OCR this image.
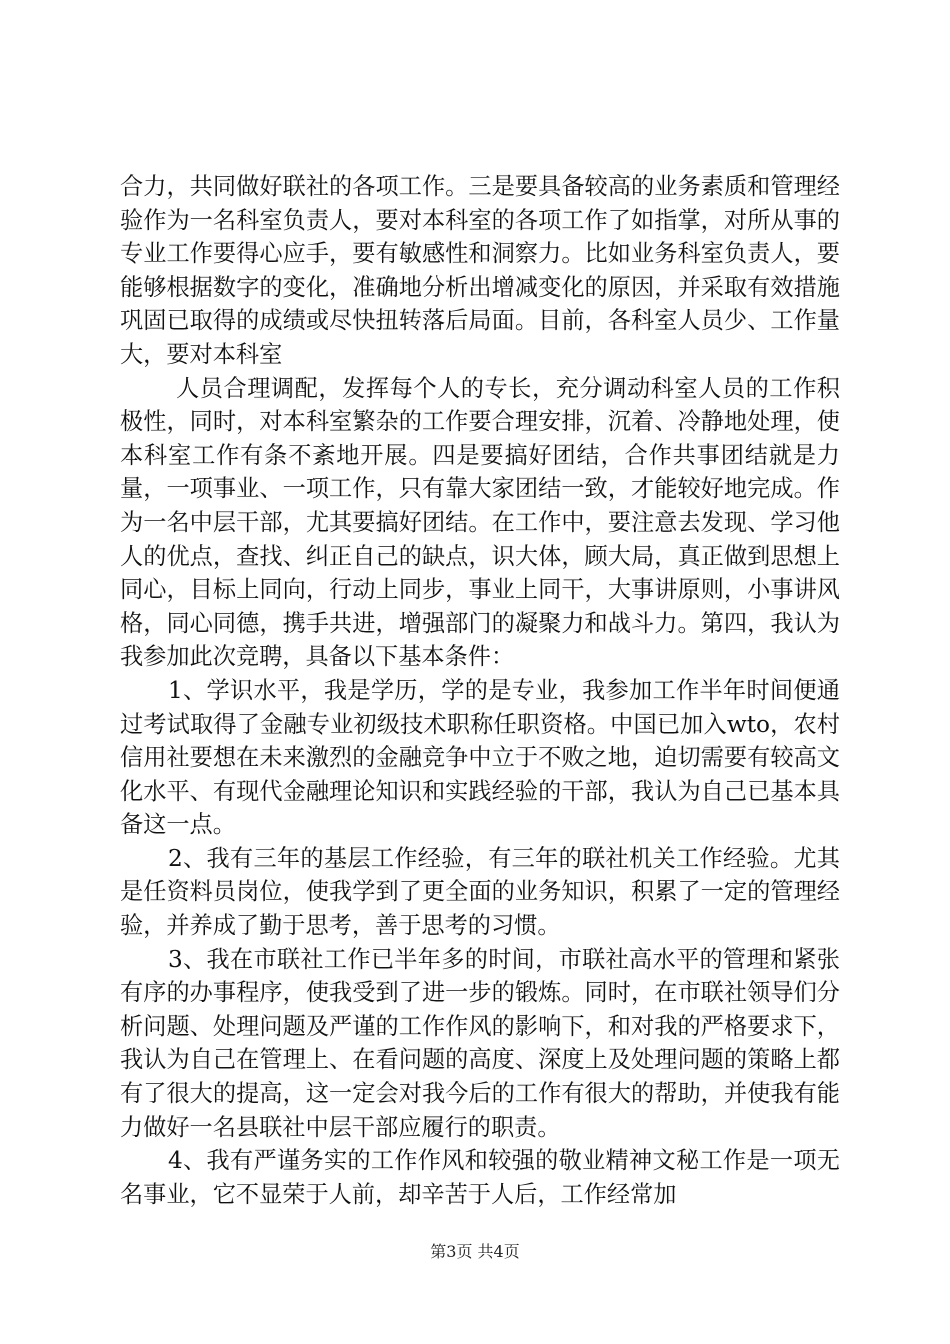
合力，共同做好联社的各项工作。三是要具备较高的业务素质和管理经验作为一名科室负责人，要对本科室的各项工作了如指掌，对所从事的专业工作要得心应手，要有敏感性和洞察力。比如业务科室负责人，要能够根据数字的变化，准确地分析出增减变化的原因，并采取有效措施巩固已取得的成绩或尽快扭转落后局面。目前，各科室人员少、工作量大，要对本科室

人员合理调配，发挥每个人的专长，充分调动科室人员的工作积极性，同时，对本科室繁杂的工作要合理安排，沉着、冷静地处理，使本科室工作有条不紊地开展。四是要搞好团结，合作共事团结就是力量，一项事业、一项工作，只有靠大家团结一致，才能较好地完成。作为一名中层干部，尤其要搞好团结。在工作中，要注意去发现、学习他人的优点，查找、纠正自己的缺点，识大体，顾大局，真正做到思想上同心，目标上同向，行动上同步，事业上同干，大事讲原则，小事讲风格，同心同德，携手共进，增强部门的凝聚力和战斗力。第四，我认为我参加此次竞聘，具备以下基本条件：

1、学识水平，我是学历，学的是专业，我参加工作半年时间便通过考试取得了金融专业初级技术职称任职资格。中国已加入wto，农村信用社要想在未来激烈的金融竞争中立于不败之地，迫切需要有较高文化水平、有现代金融理论知识和实践经验的干部，我认为自己已基本具备这一点。

2、我有三年的基层工作经验，有三年的联社机关工作经验。尤其是任资料员岗位，使我学到了更全面的业务知识，积累了一定的管理经验，并养成了勤于思考，善于思考的习惯。

3、我在市联社工作已半年多的时间，市联社高水平的管理和紧张有序的办事程序，使我受到了进一步的锻炼。同时，在市联社领导们分析问题、处理问题及严谨的工作作风的影响下，和对我的严格要求下，我认为自己在管理上、在看问题的高度、深度上及处理问题的策略上都有了很大的提高，这一定会对我今后的工作有很大的帮助，并使我有能力做好一名县联社中层干部应履行的职责。

4、我有严谨务实的工作作风和较强的敬业精神文秘工作是一项无名事业，它不显荣于人前，却辛苦于人后，工作经常加

第3页 共4页
